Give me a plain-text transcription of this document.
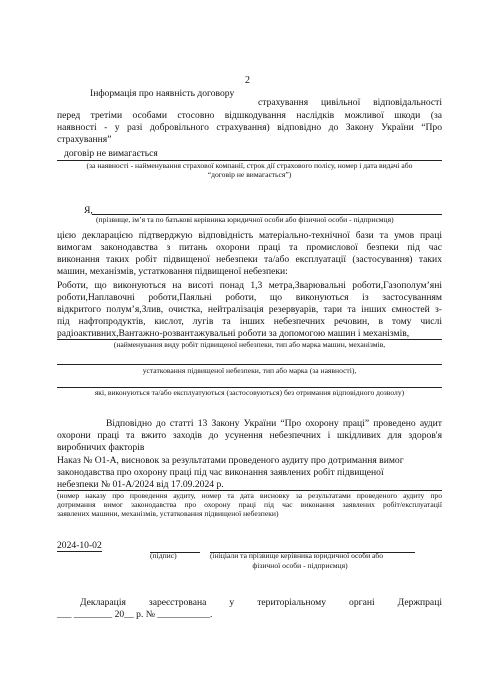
2
Інформація про наявність договору
страхування цивільної відповідальності
перед третіми особами стосовно відшкодування наслідків можливої шкоди (за
наявності - у разі добровільного страхування) відповідно до Закону України “Про
страхування”
договір не вимагається
(за наявності - найменування страхової компанії, строк дії страхового полісу, номер і дата видачі або
“договір не вимагається”)
Я,
(прізвище, ім’я та по батькові керівника юридичної особи або фізичної особи - підприємця)
цією декларацією підтверджую відповідність матеріально-технічної бази та умов праці
вимогам законодавства з питань охорони праці та промислової безпеки під час
виконання таких робіт підвищеної небезпеки та/або експлуатації (застосування) таких
машин, механізмів, устатковання підвищеної небезпеки:
Роботи, що виконуються на висоті понад 1,3 метра,Зварювальні роботи,Газополум’яні
роботи,Наплавочні роботи,Паяльні роботи, що виконуються із застосуванням
відкритого полум’я,Злив, очистка, нейтралізація резервуарів, тари та інших ємностей з-
під нафтопродуктів, кислот, лугів та інших небезпечних речовин, в тому числі
радіоактивних,Вантажно-розвантажувальні роботи за допомогою машин і механізмів,
(найменування виду робіт підвищеної небезпеки, тип або марка машин, механізмів,
устатковання підвищеної небезпеки, тип або марка (за наявності),
які, виконуються та/або експлуатуються (застосовуються) без отримання відповідного дозволу)
Відповідно до статті 13 Закону України “Про охорону праці” проведено аудит
охорони праці та вжито заходів до усунення небезпечних і шкідливих для здоров'я
виробничих факторів
Наказ № О1-А, висновок за результатами проведеного аудиту про дотримання вимог
законодавства про охорону праці під час виконання заявлених робіт підвищеної
небезпеки № 01-А/2024 від 17.09.2024 р.
(номер наказу про проведення аудиту, номер та дата висновку за результатами проведеного аудиту про
дотримання вимог законодавства про охорону праці під час виконання заявлених робіт/експлуатації
заявлених машини, механізмів, устатковання підвищеної небезпеки)
2024-10-02
(підпис)	(ініціали та прізвище керівника юридичної особи або
фізичної особи - підприємця)
Декларація зареєстрована у територіальному органі Держпраці
___ ________ 20__ р. № ___________.
